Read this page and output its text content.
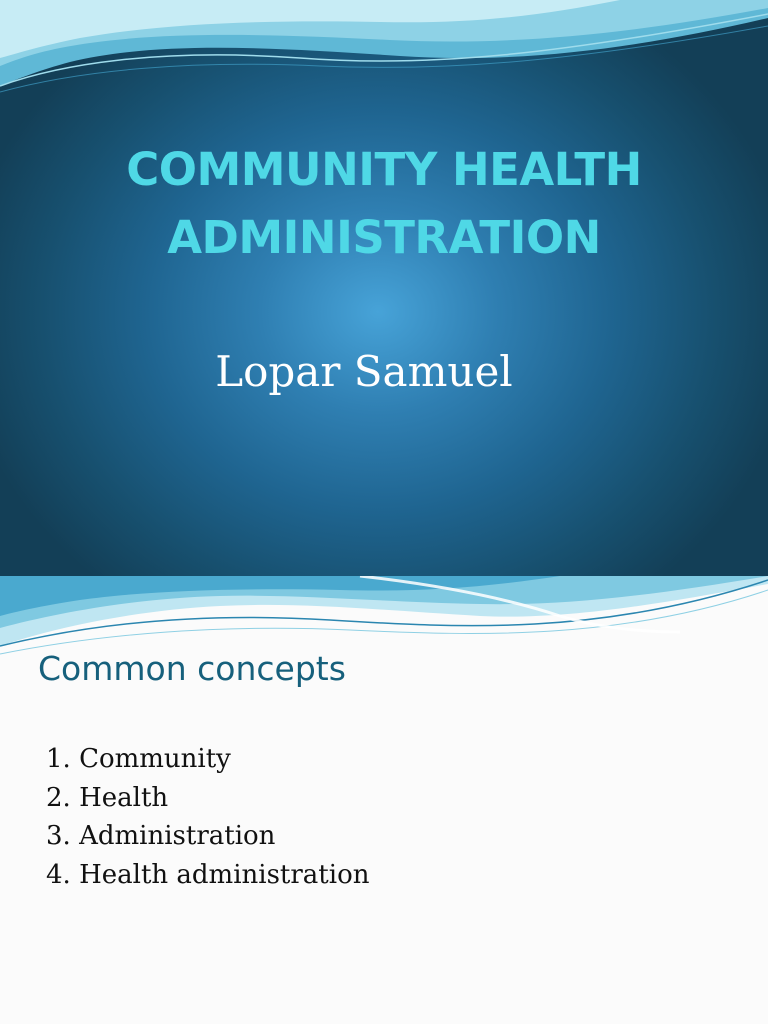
COMMUNITY HEALTH
ADMINISTRATION
Lopar Samuel
Common concepts
1. Community
2. Health
3. Administration
4. Health administration
